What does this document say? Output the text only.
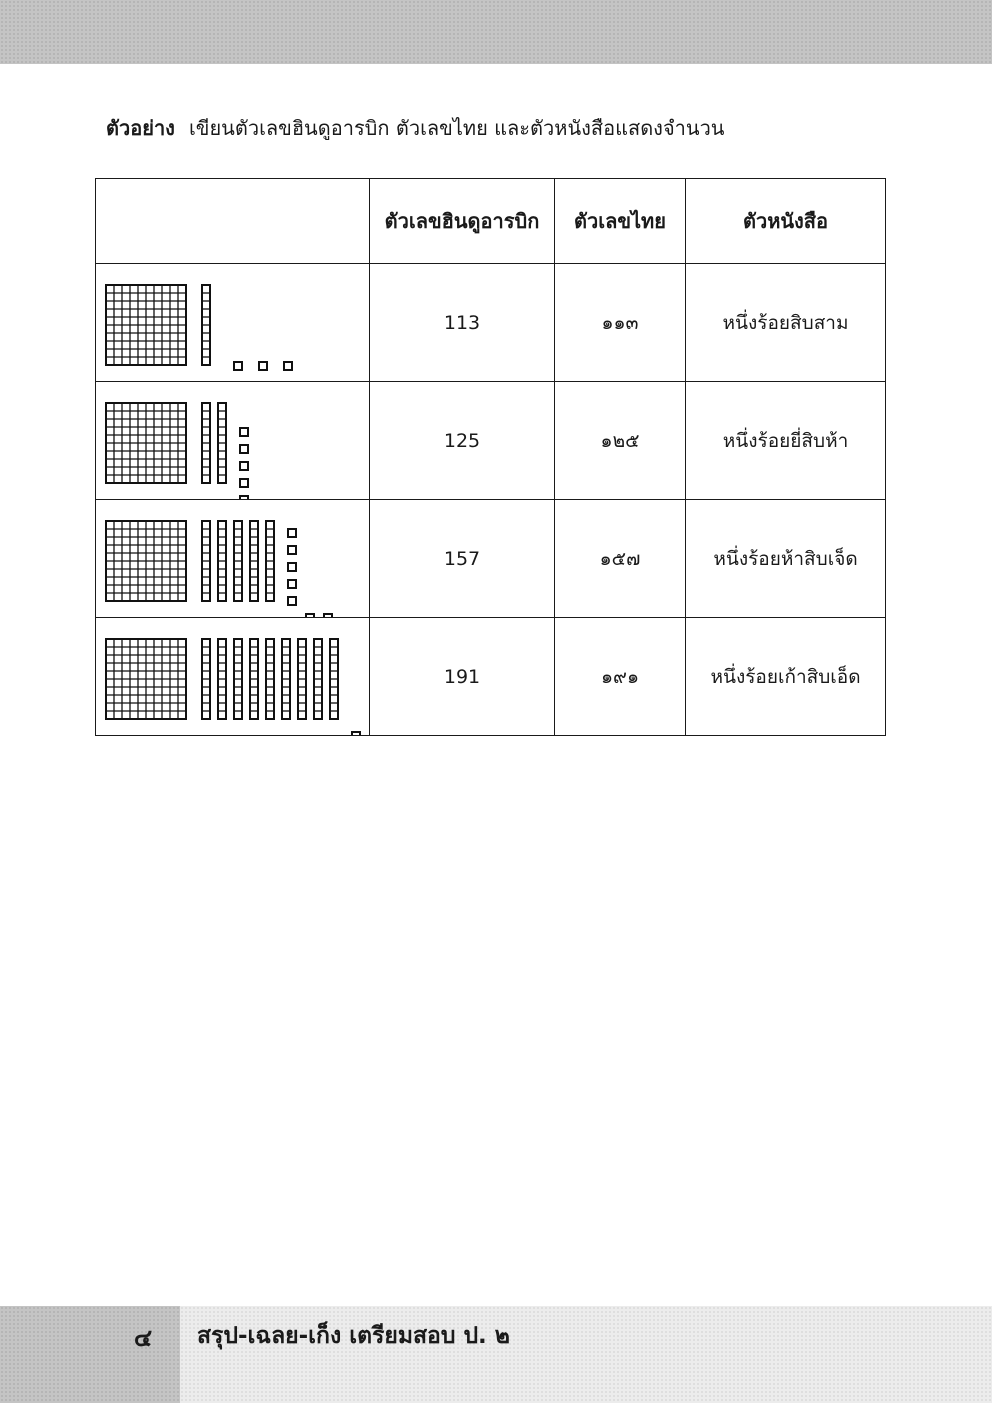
ตัวอย่าง เขียนตัวเลขฮินดูอารบิก ตัวเลขไทย และตัวหนังสือแสดงจำนวน
	ตัวเลขฮินดูอารบิก	ตัวเลขไทย	ตัวหนังสือ

	113	๑๑๓	หนึ่งร้อยสิบสาม

	125	๑๒๕	หนึ่งร้อยยี่สิบห้า

	157	๑๕๗	หนึ่งร้อยห้าสิบเจ็ด

	191	๑๙๑	หนึ่งร้อยเก้าสิบเอ็ด
๔ สรุป-เฉลย-เก็ง เตรียมสอบ ป. ๒
